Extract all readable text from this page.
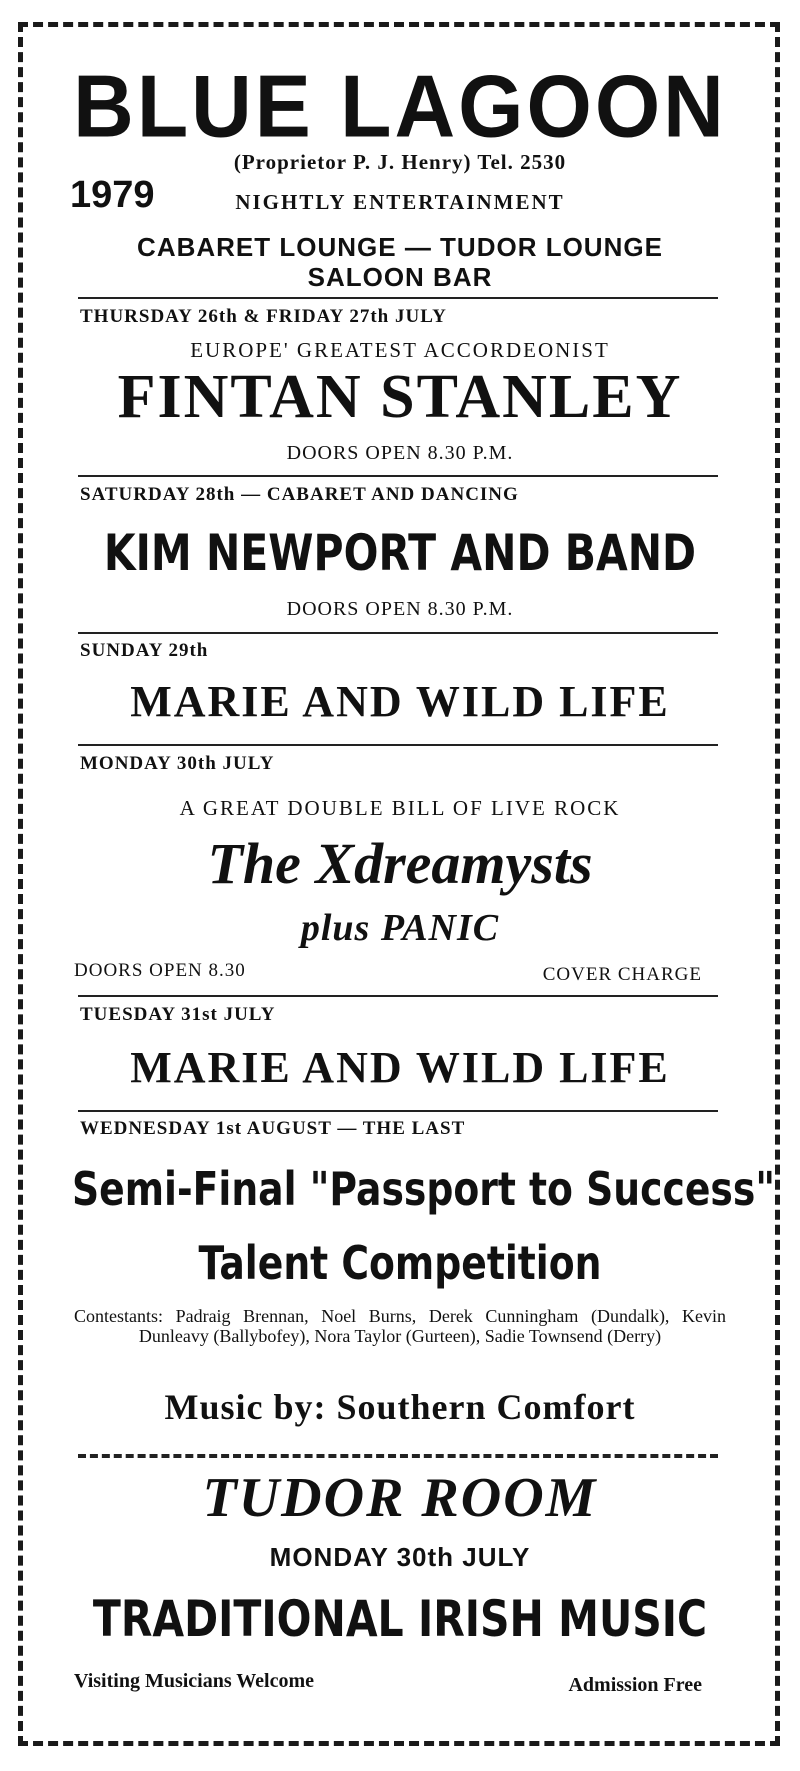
BLUE LAGOON
1979
(Proprietor P. J. Henry) Tel. 2530
NIGHTLY ENTERTAINMENT
CABARET LOUNGE — TUDOR LOUNGE
SALOON BAR
THURSDAY 26th & FRIDAY 27th JULY
EUROPE' GREATEST ACCORDEONIST
FINTAN STANLEY
DOORS OPEN 8.30 P.M.
SATURDAY 28th — CABARET AND DANCING
KIM NEWPORT AND BAND
DOORS OPEN 8.30 P.M.
SUNDAY 29th
MARIE AND WILD LIFE
MONDAY 30th JULY
A GREAT DOUBLE BILL OF LIVE ROCK
The Xdreamysts
plus PANIC
DOORS OPEN 8.30	COVER CHARGE
TUESDAY 31st JULY
MARIE AND WILD LIFE
WEDNESDAY 1st AUGUST — THE LAST
Semi-Final "Passport to Success"
Talent Competition
Contestants: Padraig Brennan, Noel Burns, Derek Cunningham (Dundalk), Kevin Dunleavy (Ballybofey), Nora Taylor (Gurteen), Sadie Townsend (Derry)
Music by: Southern Comfort
TUDOR ROOM
MONDAY 30th JULY
TRADITIONAL IRISH MUSIC
Visiting Musicians Welcome	Admission Free
